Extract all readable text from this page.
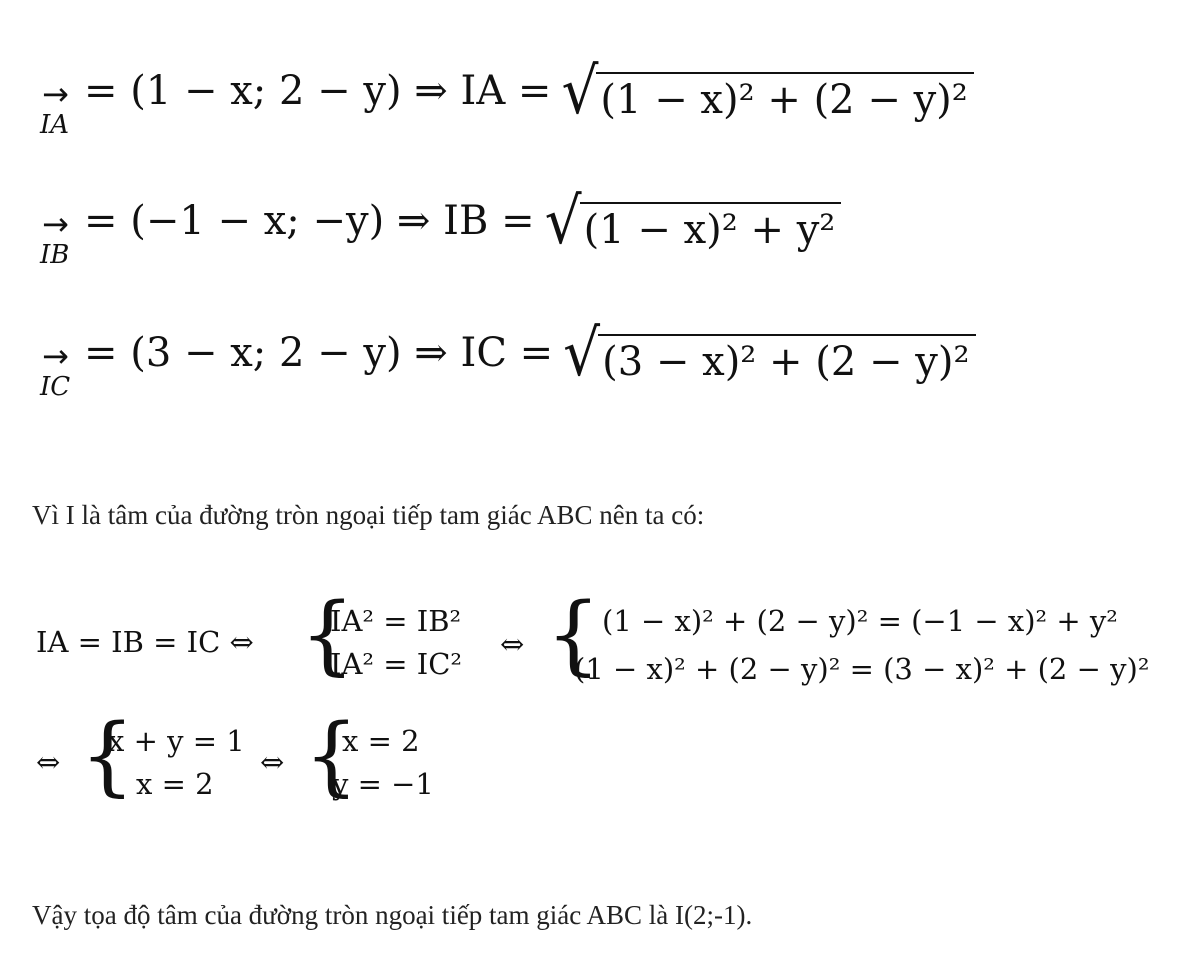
→
IA
= (1 − x; 2 − y) ⇒ IA = √ (1 − x)² + (2 − y)²
→
IB
= (−1 − x; −y) ⇒ IB = √ (1 − x)² + y²
→
IC
= (3 − x; 2 − y) ⇒ IC = √ (3 − x)² + (2 − y)²
Vì I là tâm của đường tròn ngoại tiếp tam giác ABC nên ta có:
IA = IB = IC ⇔ {
IA² = IB²
IA² = IC²
⇔ { (1 − x)² + (2 − y)² = (−1 − x)² + y²
(1 − x)² + (2 − y)² = (3 − x)² + (2 − y)²
⇔ {
x + y = 1
x = 2
⇔ {
x = 2
y = −1
Vậy tọa độ tâm của đường tròn ngoại tiếp tam giác ABC là I(2;-1).
